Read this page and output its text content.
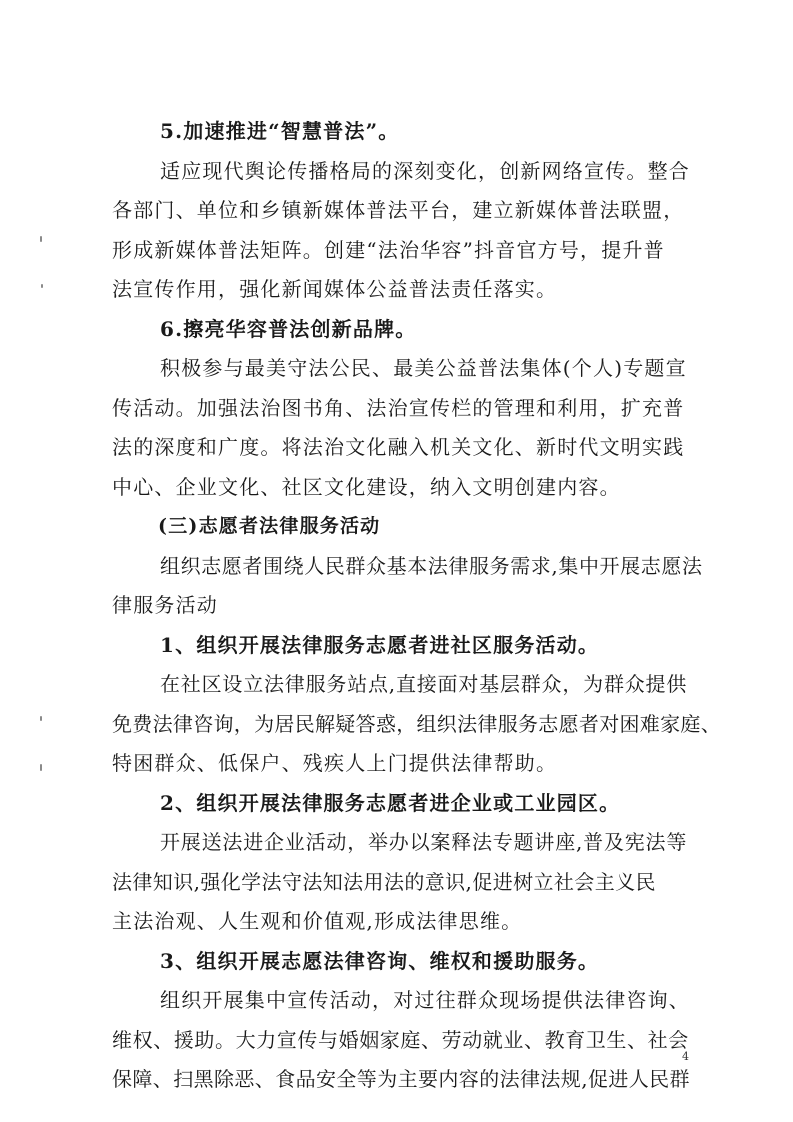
5.加速推进“智慧普法”。
适应现代舆论传播格局的深刻变化，创新网络宣传。整合
各部门、单位和乡镇新媒体普法平台，建立新媒体普法联盟，
形成新媒体普法矩阵。创建“法治华容”抖音官方号，提升普
法宣传作用，强化新闻媒体公益普法责任落实。
6.擦亮华容普法创新品牌。
积极参与最美守法公民、最美公益普法集体(个人)专题宣
传活动。加强法治图书角、法治宣传栏的管理和利用，扩充普
法的深度和广度。将法治文化融入机关文化、新时代文明实践
中心、企业文化、社区文化建设，纳入文明创建内容。
(三)志愿者法律服务活动
组织志愿者围绕人民群众基本法律服务需求,集中开展志愿法
律服务活动
1、组织开展法律服务志愿者进社区服务活动。
在社区设立法律服务站点,直接面对基层群众，为群众提供
免费法律咨询，为居民解疑答惑，组织法律服务志愿者对困难家庭、
特困群众、低保户、残疾人上门提供法律帮助。
2、组织开展法律服务志愿者进企业或工业园区。
开展送法进企业活动，举办以案释法专题讲座,普及宪法等
法律知识,强化学法守法知法用法的意识,促进树立社会主义民
主法治观、人生观和价值观,形成法律思维。
3、组织开展志愿法律咨询、维权和援助服务。
组织开展集中宣传活动，对过往群众现场提供法律咨询、
维权、援助。大力宣传与婚姻家庭、劳动就业、教育卫生、社会
保障、扫黑除恶、食品安全等为主要内容的法律法规,促进人民群
4
